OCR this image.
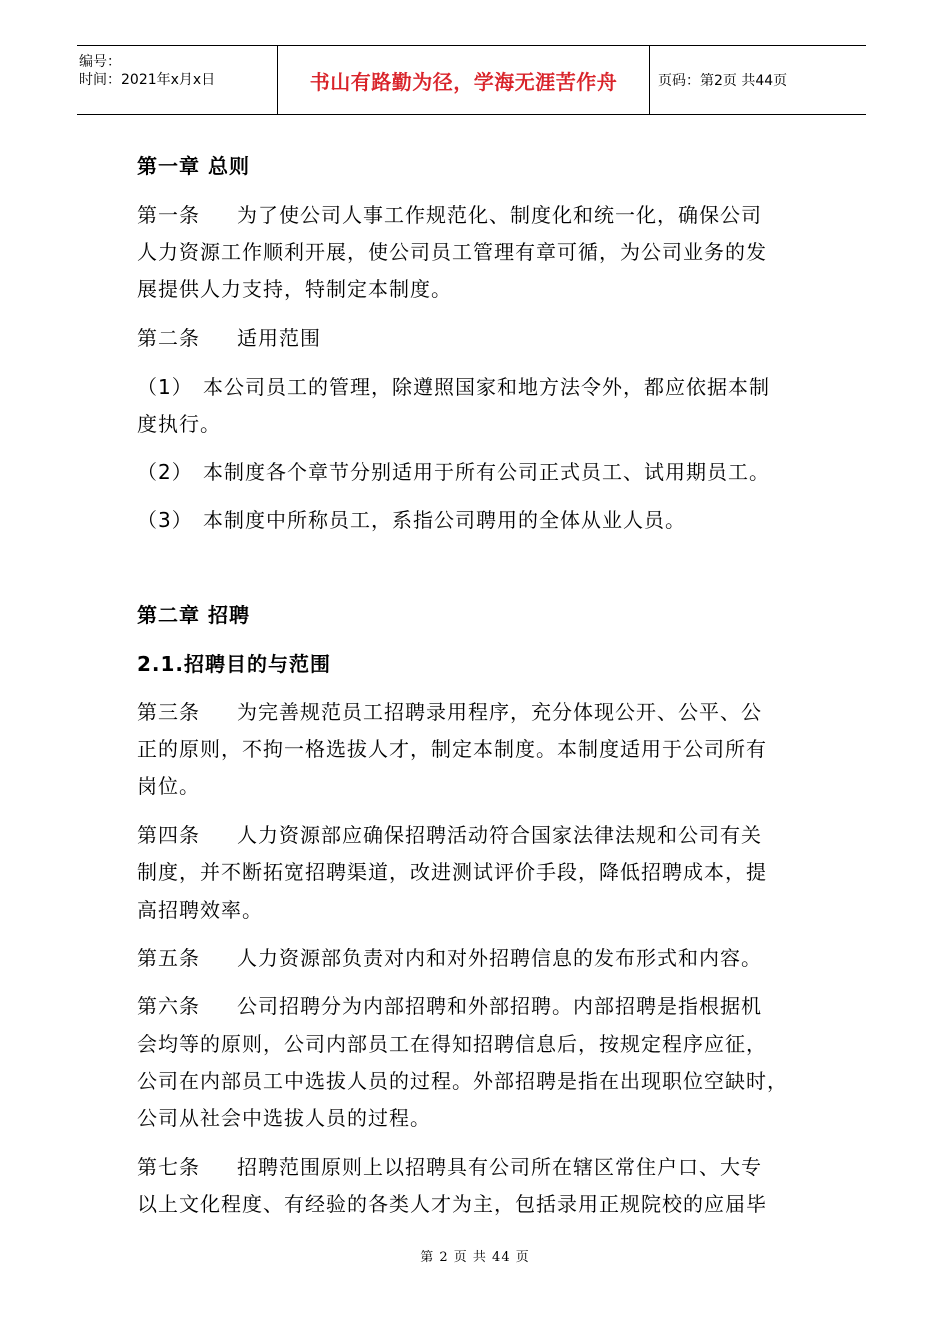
编号：
时间：2021年x月x日	书山有路勤为径，学海无涯苦作舟	页码：第2页 共44页
第一章 总则
第一条 为了使公司人事工作规范化、制度化和统一化，确保公司
人力资源工作顺利开展，使公司员工管理有章可循，为公司业务的发
展提供人力支持，特制定本制度。
第二条 适用范围
（1） 本公司员工的管理，除遵照国家和地方法令外，都应依据本制
度执行。
（2） 本制度各个章节分别适用于所有公司正式员工、试用期员工。
（3） 本制度中所称员工，系指公司聘用的全体从业人员。
第二章 招聘
2.1.招聘目的与范围
第三条 为完善规范员工招聘录用程序，充分体现公开、公平、公
正的原则，不拘一格选拔人才，制定本制度。本制度适用于公司所有
岗位。
第四条 人力资源部应确保招聘活动符合国家法律法规和公司有关
制度，并不断拓宽招聘渠道，改进测试评价手段，降低招聘成本，提
高招聘效率。
第五条 人力资源部负责对内和对外招聘信息的发布形式和内容。
第六条 公司招聘分为内部招聘和外部招聘。内部招聘是指根据机
会均等的原则，公司内部员工在得知招聘信息后，按规定程序应征，
公司在内部员工中选拔人员的过程。外部招聘是指在出现职位空缺时，
公司从社会中选拔人员的过程。
第七条 招聘范围原则上以招聘具有公司所在辖区常住户口、大专
以上文化程度、有经验的各类人才为主，包括录用正规院校的应届毕
第 2 页 共 44 页
